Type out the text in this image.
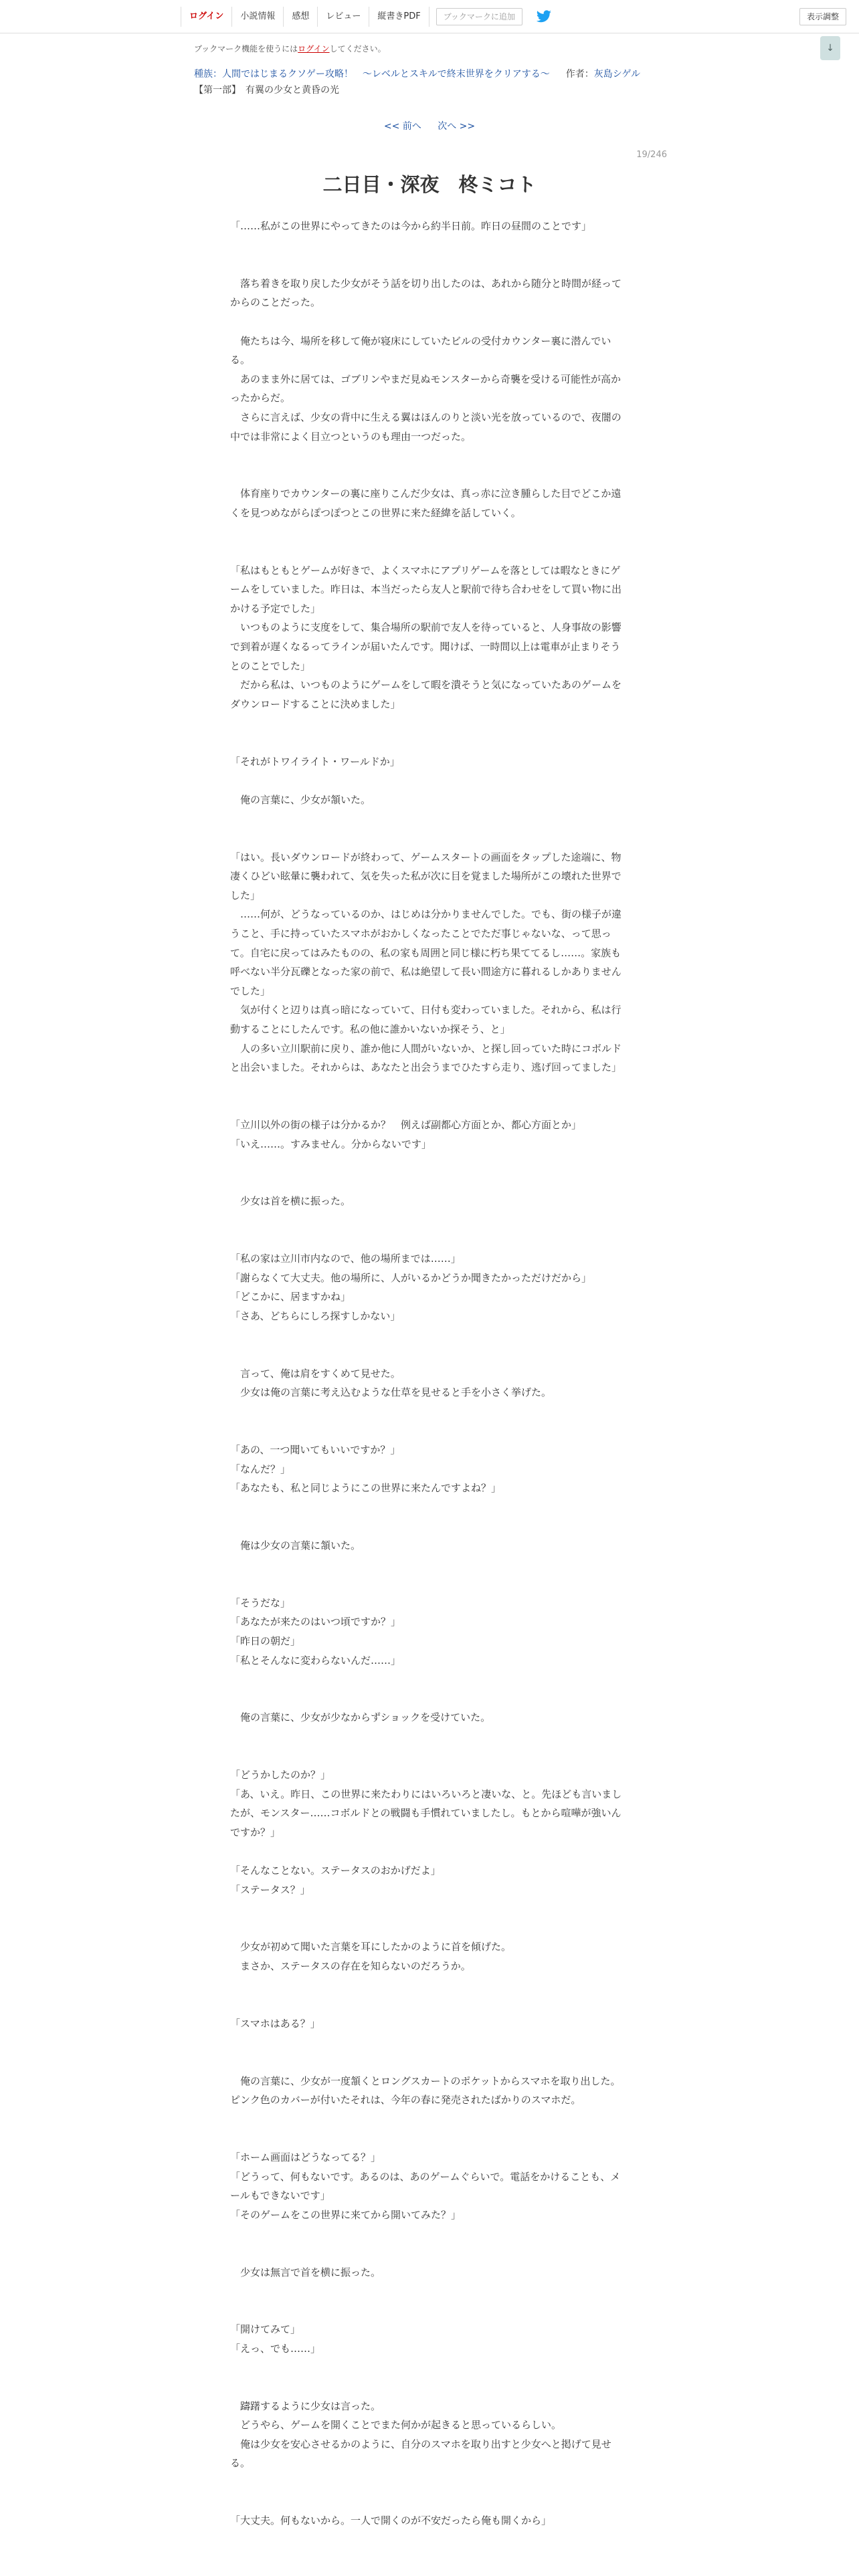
ログイン	小説情報	感想	レビュー	縦書きPDF	ブックマークに追加	表示調整
↓
ブックマーク機能を使うにはログインしてください。
種族：人間ではじまるクソゲー攻略！　〜レベルとスキルで終末世界をクリアする〜 作者： 灰島シゲル
【第一部】　有翼の少女と黄昏の光
<< 前へ 次へ >>
19/246
二日目・深夜　柊ミコト

「……私がこの世界にやってきたのは今から約半日前。昨日の昼間のことです」

　落ち着きを取り戻した少女がそう話を切り出したのは、あれから随分と時間が経ってからのことだった。

　俺たちは今、場所を移して俺が寝床にしていたビルの受付カウンター裏に潜んでいる。

　あのまま外に居ては、ゴブリンやまだ見ぬモンスターから奇襲を受ける可能性が高かったからだ。

　さらに言えば、少女の背中に生える翼はほんのりと淡い光を放っているので、夜闇の中では非常によく目立つというのも理由一つだった。

　体育座りでカウンターの裏に座りこんだ少女は、真っ赤に泣き腫らした目でどこか遠くを見つめながらぽつぽつとこの世界に来た経緯を話していく。

「私はもともとゲームが好きで、よくスマホにアプリゲームを落としては暇なときにゲームをしていました。昨日は、本当だったら友人と駅前で待ち合わせをして買い物に出かける予定でした」

　いつものように支度をして、集合場所の駅前で友人を待っていると、人身事故の影響で到着が遅くなるってラインが届いたんです。聞けば、一時間以上は電車が止まりそうとのことでした」

　だから私は、いつものようにゲームをして暇を潰そうと気になっていたあのゲームをダウンロードすることに決めました」

「それがトワイライト・ワールドか」

　俺の言葉に、少女が頷いた。

「はい。長いダウンロードが終わって、ゲームスタートの画面をタップした途端に、物凄くひどい眩暈に襲われて、気を失った私が次に目を覚ました場所がこの壊れた世界でした」

　……何が、どうなっているのか、はじめは分かりませんでした。でも、街の様子が違うこと、手に持っていたスマホがおかしくなったことでただ事じゃないな、って思って。自宅に戻ってはみたものの、私の家も周囲と同じ様に朽ち果ててるし……。家族も呼べない半分瓦礫となった家の前で、私は絶望して長い間途方に暮れるしかありませんでした」

　気が付くと辺りは真っ暗になっていて、日付も変わっていました。それから、私は行動することにしたんです。私の他に誰かいないか探そう、と」

　人の多い立川駅前に戻り、誰か他に人間がいないか、と探し回っていた時にコボルドと出会いました。それからは、あなたと出会うまでひたすら走り、逃げ回ってました」

「立川以外の街の様子は分かるか？　例えば副都心方面とか、都心方面とか」

「いえ……。すみません。分からないです」

　少女は首を横に振った。

「私の家は立川市内なので、他の場所までは……」

「謝らなくて大丈夫。他の場所に、人がいるかどうか聞きたかっただけだから」

「どこかに、居ますかね」

「さあ、どちらにしろ探すしかない」

　言って、俺は肩をすくめて見せた。

　少女は俺の言葉に考え込むような仕草を見せると手を小さく挙げた。

「あの、一つ聞いてもいいですか？」

「なんだ？」

「あなたも、私と同じようにこの世界に来たんですよね？」

　俺は少女の言葉に頷いた。

「そうだな」

「あなたが来たのはいつ頃ですか？」

「昨日の朝だ」

「私とそんなに変わらないんだ……」

　俺の言葉に、少女が少なからずショックを受けていた。

「どうかしたのか？」

「あ、いえ。昨日、この世界に来たわりにはいろいろと凄いな、と。先ほども言いましたが、モンスター……コボルドとの戦闘も手慣れていましたし。もとから喧嘩が強いんですか？」

「そんなことない。ステータスのおかげだよ」

「ステータス？」

　少女が初めて聞いた言葉を耳にしたかのように首を傾げた。

　まさか、ステータスの存在を知らないのだろうか。

「スマホはある？」

　俺の言葉に、少女が一度頷くとロングスカートのポケットからスマホを取り出した。ピンク色のカバーが付いたそれは、今年の春に発売されたばかりのスマホだ。

「ホーム画面はどうなってる？」

「どうって、何もないです。あるのは、あのゲームぐらいで。電話をかけることも、メールもできないです」

「そのゲームをこの世界に来てから開いてみた？」

　少女は無言で首を横に振った。

「開けてみて」

「えっ、でも……」

　躊躇するように少女は言った。

　どうやら、ゲームを開くことでまた何かが起きると思っているらしい。

　俺は少女を安心させるかのように、自分のスマホを取り出すと少女へと掲げて見せる。

「大丈夫。何もないから。一人で開くのが不安だったら俺も開くから」
